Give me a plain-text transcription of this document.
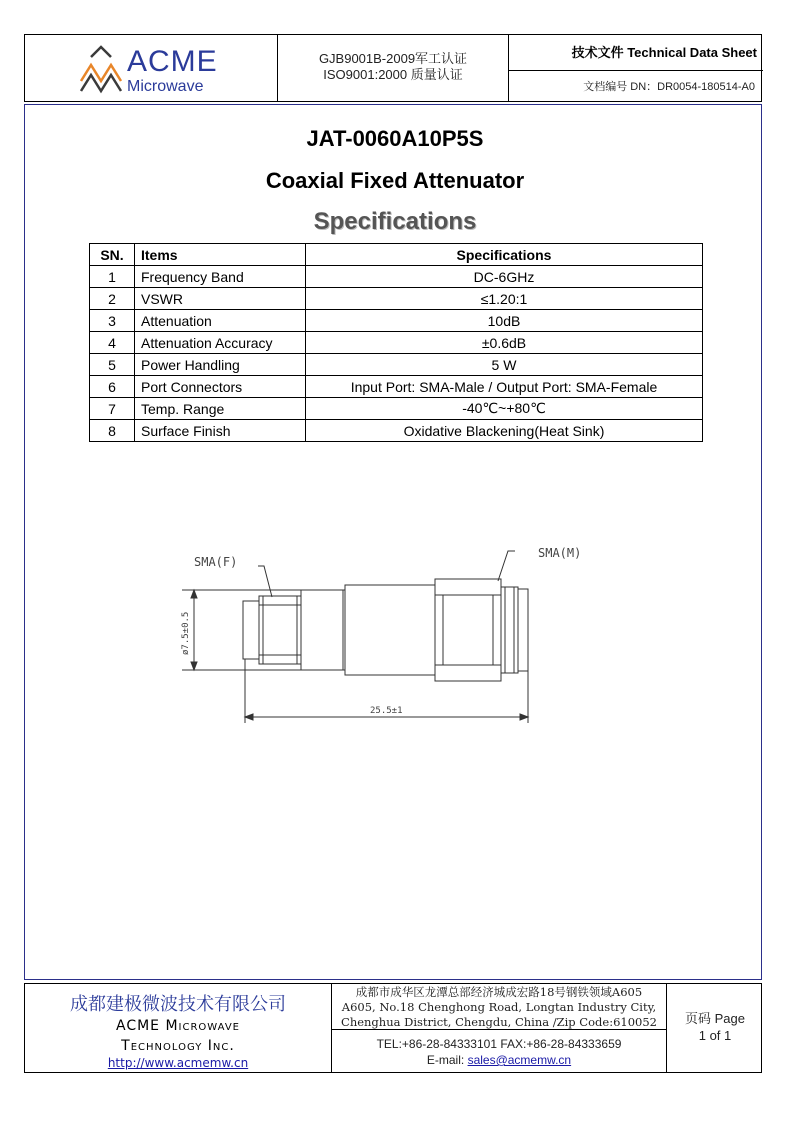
ACME
Microwave
GJB9001B-2009军工认证
ISO9001:2000 质量认证
技术文件 Technical Data Sheet
文档编号 DN：DR0054-180514-A0
JAT-0060A10P5S
Coaxial Fixed Attenuator
Specifications
SN.	Items	Specifications
1	Frequency Band	DC-6GHz
2	VSWR	≤1.20:1
3	Attenuation	10dB
4	Attenuation Accuracy	±0.6dB
5	Power Handling	5 W
6	Port Connectors	Input Port: SMA-Male / Output Port: SMA-Female
7	Temp. Range	-40℃~+80℃
8	Surface Finish	Oxidative Blackening(Heat Sink)
SMA(F)
SMA(M)
ø7.5±0.5
25.5±1
成都建极微波技术有限公司
ACME Microwave
Technology Inc.
http://www.acmemw.cn
成都市成华区龙潭总部经济城成宏路18号钢铁领域A605
A605, No.18 Chenghong Road, Longtan Industry City,
Chenghua District, Chengdu, China /Zip Code:610052
TEL:+86-28-84333101 FAX:+86-28-84333659
E-mail: sales@acmemw.cn
页码 Page
1 of 1
